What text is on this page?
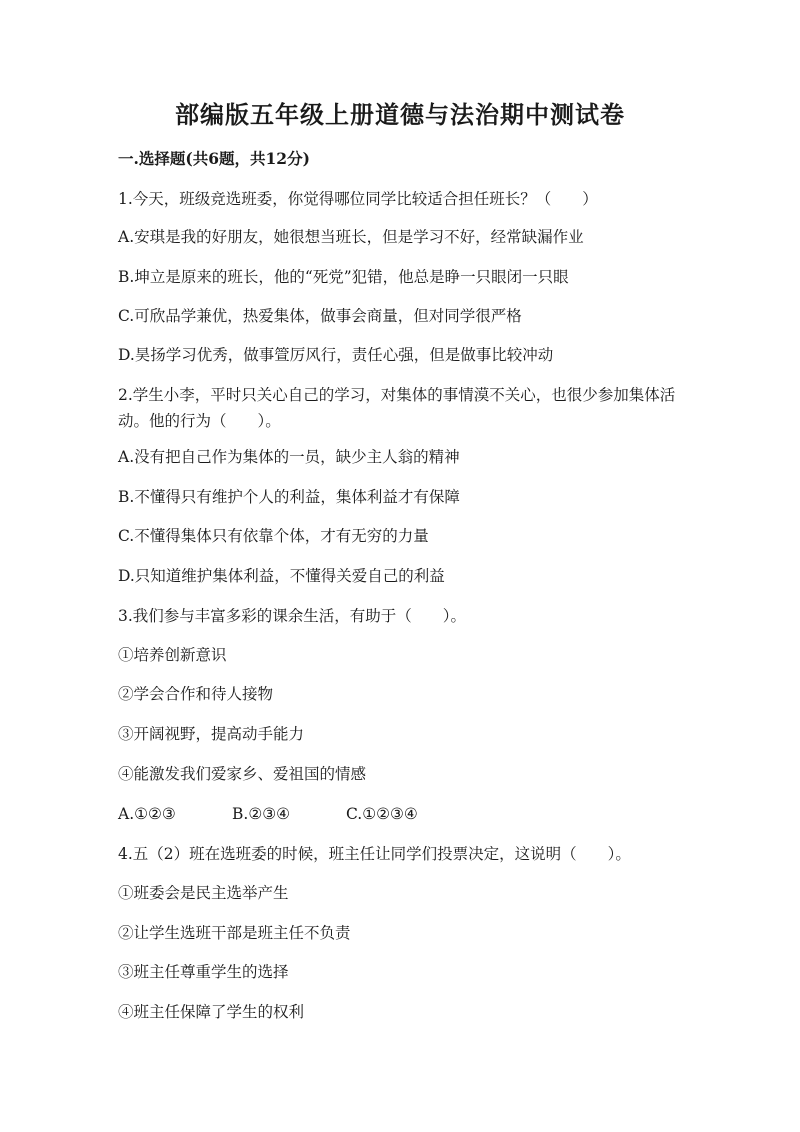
部编版五年级上册道德与法治期中测试卷
一.选择题(共6题，共12分)
1.今天，班级竞选班委，你觉得哪位同学比较适合担任班长？（　　）
A.安琪是我的好朋友，她很想当班长，但是学习不好，经常缺漏作业
B.坤立是原来的班长，他的“死党”犯错，他总是睁一只眼闭一只眼
C.可欣品学兼优，热爱集体，做事会商量，但对同学很严格
D.昊扬学习优秀，做事箮厉风行，责任心强，但是做事比较冲动
2.学生小李，平时只关心自己的学习，对集体的事情漠不关心，也很少参加集体活动。他的行为（　　）。
A.没有把自己作为集体的一员，缺少主人翁的精神
B.不懂得只有维护个人的利益，集体利益才有保障
C.不懂得集体只有依靠个体，才有无穷的力量
D.只知道维护集体利益，不懂得关爱自己的利益
3.我们参与丰富多彩的课余生活，有助于（　　）。
①培养创新意识
②学会合作和待人接物
③开阔视野，提高动手能力
④能激发我们爱家乡、爱祖国的情感
A.①②③	B.②③④	C.①②③④
4.五（2）班在选班委的时候，班主任让同学们投票决定，这说明（　　）。
①班委会是民主选举产生
②让学生选班干部是班主任不负责
③班主任尊重学生的选择
④班主任保障了学生的权利
